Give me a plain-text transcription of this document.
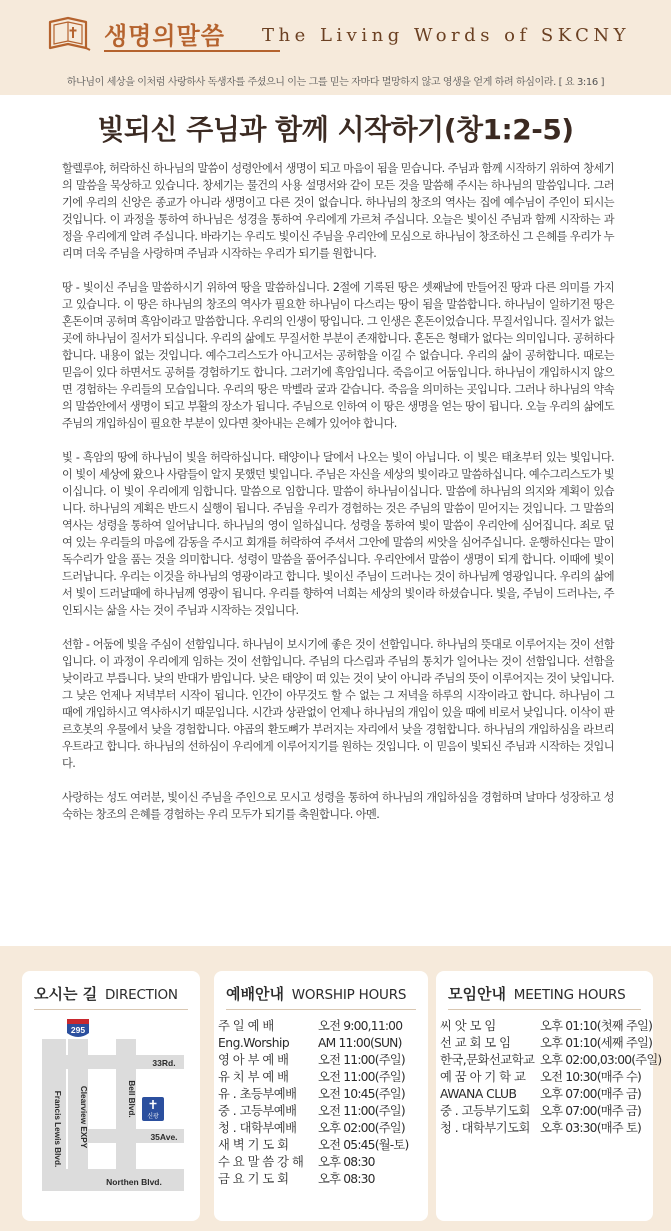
생명의말씀 The Living Words of SKCNY
하나님이 세상을 이처럼 사랑하사 독생자를 주셨으니 이는 그를 믿는 자마다 멸망하지 않고 영생을 얻게 하려 하심이라. [ 요 3:16 ]
빛되신 주님과 함께 시작하기(창1:2-5)

할렐루야, 허락하신 하나님의 말씀이 성령안에서 생명이 되고 마음이 됨을 믿습니다. 주님과 함께 시작하기 위하여 창세기의 말씀을 묵상하고 있습니다. 창세기는 물건의 사용 설명서와 같이 모든 것을 말씀해 주시는 하나님의 말씀입니다. 그러기에 우리의 신앙은 종교가 아니라 생명이고 다른 것이 없습니다. 하나님의 창조의 역사는 집에 예수님이 주인이 되시는 것입니다. 이 과정을 통하여 하나님은 성경을 통하여 우리에게 가르쳐 주십니다. 오늘은 빛이신 주님과 함께 시작하는 과정을 우리에게 알려 주십니다. 바라기는 우리도 빛이신 주님을 우리안에 모심으로 하나님이 창조하신 그 은혜를 우리가 누리며 더욱 주님을 사랑하며 주님과 시작하는 우리가 되기를 원합니다.

땅 - 빛이신 주님을 말씀하시기 위하여 땅을 말씀하십니다. 2절에 기록된 땅은 셋째날에 만들어진 땅과 다른 의미를 가지고 있습니다. 이 땅은 하나님의 창조의 역사가 필요한 하나님이 다스리는 땅이 됨을 말씀합니다. 하나님이 일하기전 땅은 혼돈이며 공허며 흑암이라고 말씀합니다. 우리의 인생이 땅입니다. 그 인생은 혼돈이었습니다. 무질서입니다. 질서가 없는 곳에 하나님이 질서가 되십니다. 우리의 삶에도 무질서한 부분이 존재합니다. 혼돈은 형태가 없다는 의미입니다. 공허하다 합니다. 내용이 없는 것입니다. 예수그리스도가 아니고서는 공허함을 이길 수 없습니다. 우리의 삶이 공허합니다. 때로는 믿음이 있다 하면서도 공허를 경험하기도 합니다. 그러기에 흑암입니다. 죽음이고 어둠입니다. 하나님이 개입하시지 않으면 경험하는 우리들의 모습입니다. 우리의 땅은 막벨라 굴과 같습니다. 죽음을 의미하는 곳입니다. 그러나 하나님의 약속의 말씀안에서 생명이 되고 부활의 장소가 됩니다. 주님으로 인하여 이 땅은 생명을 얻는 땅이 됩니다. 오늘 우리의 삶에도 주님의 개입하심이 필요한 부분이 있다면 찾아내는 은혜가 있어야 합니다.

빛 - 흑암의 땅에 하나님이 빛을 허락하십니다. 태양이나 달에서 나오는 빛이 아닙니다. 이 빛은 태초부터 있는 빛입니다. 이 빛이 세상에 왔으나 사람들이 알지 못했던 빛입니다. 주님은 자신을 세상의 빛이라고 말씀하십니다. 예수그리스도가 빛이십니다. 이 빛이 우리에게 임합니다. 말씀으로 임합니다. 말씀이 하나님이십니다. 말씀에 하나님의 의지와 계획이 있습니다. 하나님의 계획은 반드시 실행이 됩니다. 주님을 우리가 경험하는 것은 주님의 말씀이 믿어지는 것입니다. 그 말씀의 역사는 성령을 통하여 일어납니다. 하나님의 영이 일하십니다. 성령을 통하여 빛이 말씀이 우리안에 심어집니다. 죄로 덮여 있는 우리들의 마음에 감동을 주시고 회개를 허락하여 주셔서 그안에 말씀의 씨앗을 심어주십니다. 운행하신다는 말이 독수리가 알을 품는 것을 의미합니다. 성령이 말씀을 품어주십니다. 우리안에서 말씀이 생명이 되게 합니다. 이때에 빛이 드러납니다. 우리는 이것을 하나님의 영광이라고 합니다. 빛이신 주님이 드러나는 것이 하나님께 영광입니다. 우리의 삶에서 빛이 드러날때에 하나님께 영광이 됩니다. 우리를 향하여 너희는 세상의 빛이라 하셨습니다. 빛을, 주님이 드러나는, 주인되시는 삶을 사는 것이 주님과 시작하는 것입니다.

선함 - 어둠에 빛을 주심이 선함입니다. 하나님이 보시기에 좋은 것이 선함입니다. 하나님의 뜻대로 이루어지는 것이 선함입니다. 이 과정이 우리에게 임하는 것이 선함입니다. 주님의 다스림과 주님의 통치가 일어나는 것이 선함입니다. 선함을 낮이라고 부릅니다. 낮의 반대가 밤입니다. 낮은 태양이 떠 있는 것이 낮이 아니라 주님의 뜻이 이루어지는 것이 낮입니다. 그 낮은 언제나 저녁부터 시작이 됩니다. 인간이 아무것도 할 수 없는 그 저녁을 하루의 시작이라고 합니다. 하나님이 그 때에 개입하시고 역사하시기 때문입니다. 시간과 상관없이 언제나 하나님의 개입이 있을 때에 비로서 낮입니다. 이삭이 판 르호봇의 우물에서 낮을 경험합니다. 야곱의 환도뼈가 부러지는 자리에서 낮을 경험합니다. 하나님의 개입하심을 라브리우트라고 합니다. 하나님의 선하심이 우리에게 이루어지기를 원하는 것입니다. 이 믿음이 빛되신 주님과 시작하는 것입니다.

사랑하는 성도 여러분, 빛이신 주님을 주인으로 모시고 성령을 통하여 하나님의 개입하심을 경험하며 날마다 성장하고 성숙하는 창조의 은혜를 경험하는 우리 모두가 되기를 축원합니다. 아멘.

오시는 길 DIRECTION
295
33Rd.
35Ave.
Northen Blvd.
Clearview EXPY
Francis Lewis Blvd.	Bell Blvd. 신광
예배안내 WORSHIP HOURS
주 일 예 배	오전 9:00,11:00
Eng.Worship	AM 11:00(SUN)
영 아 부 예 배	오전 11:00(주일)
유 치 부 예 배	오전 11:00(주일)
유 . 초등부예배	오전 10:45(주일)
중 . 고등부예배	오전 11:00(주일)
청 . 대학부예배	오후 02:00(주일)
새 벽 기 도 회	오전 05:45(월-토)
수 요 말 씀 강 해	오후 08:30
금 요 기 도 회	오후 08:30
모임안내 MEETING HOURS
씨 앗 모 임	오후 01:10(첫째 주일)
선 교 회 모 임	오후 01:10(세째 주일)
한국,문화선교학교 오후 02:00,03:00(주일)
예 꿈 아 기 학 교	오전 10:30(매주 수)
AWANA CLUB	오후 07:00(매주 금)
중 . 고등부기도회 오후 07:00(매주 금)
청 . 대학부기도회 오후 03:30(매주 토)
